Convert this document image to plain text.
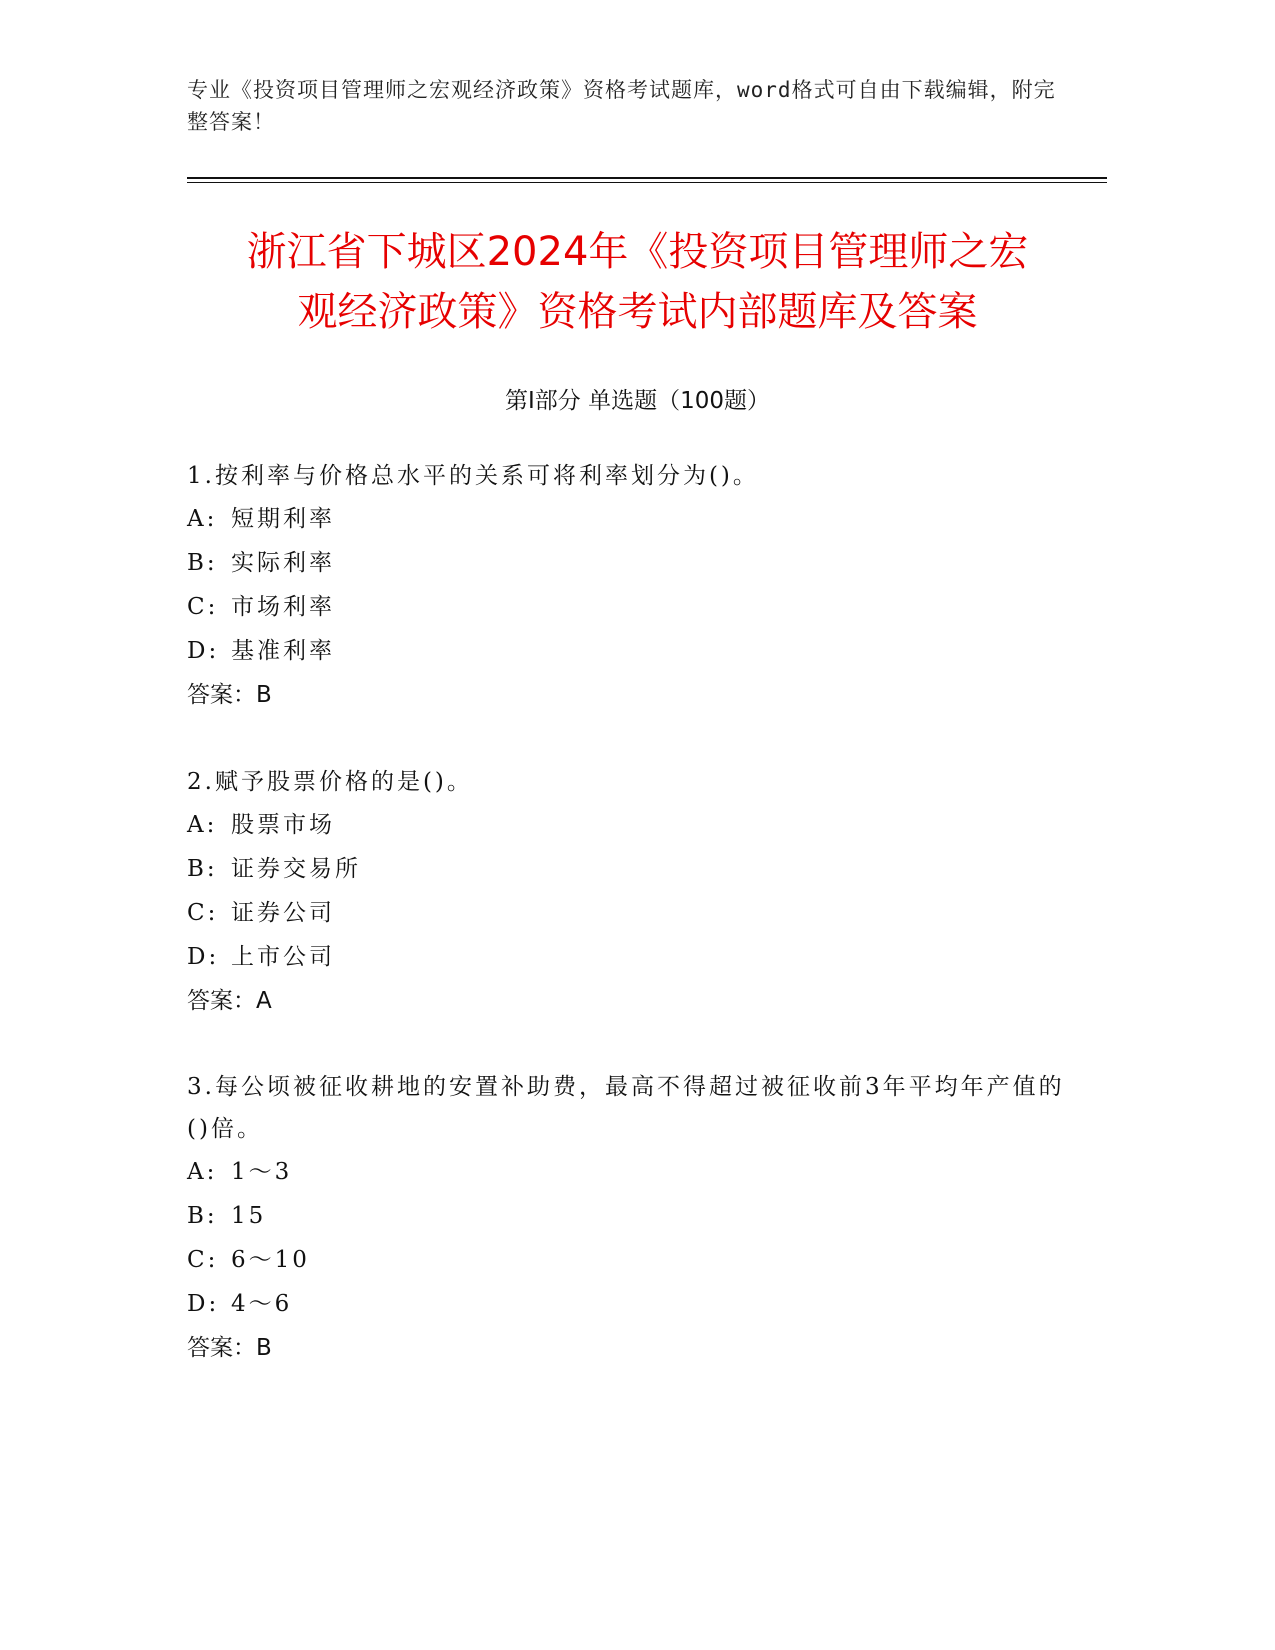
专业《投资项目管理师之宏观经济政策》资格考试题库，word格式可自由下载编辑，附完整答案！
浙江省下城区2024年《投资项目管理师之宏
观经济政策》资格考试内部题库及答案
第Ⅰ部分 单选题（100题）
1.按利率与价格总水平的关系可将利率划分为()。
A: 短期利率
B: 实际利率
C: 市场利率
D: 基准利率
答案：B
2.赋予股票价格的是()。
A: 股票市场
B: 证券交易所
C: 证券公司
D: 上市公司
答案：A
3.每公顷被征收耕地的安置补助费，最高不得超过被征收前3年平均年产值的()倍。
A: 1～3
B: 15
C: 6～10
D: 4～6
答案：B
